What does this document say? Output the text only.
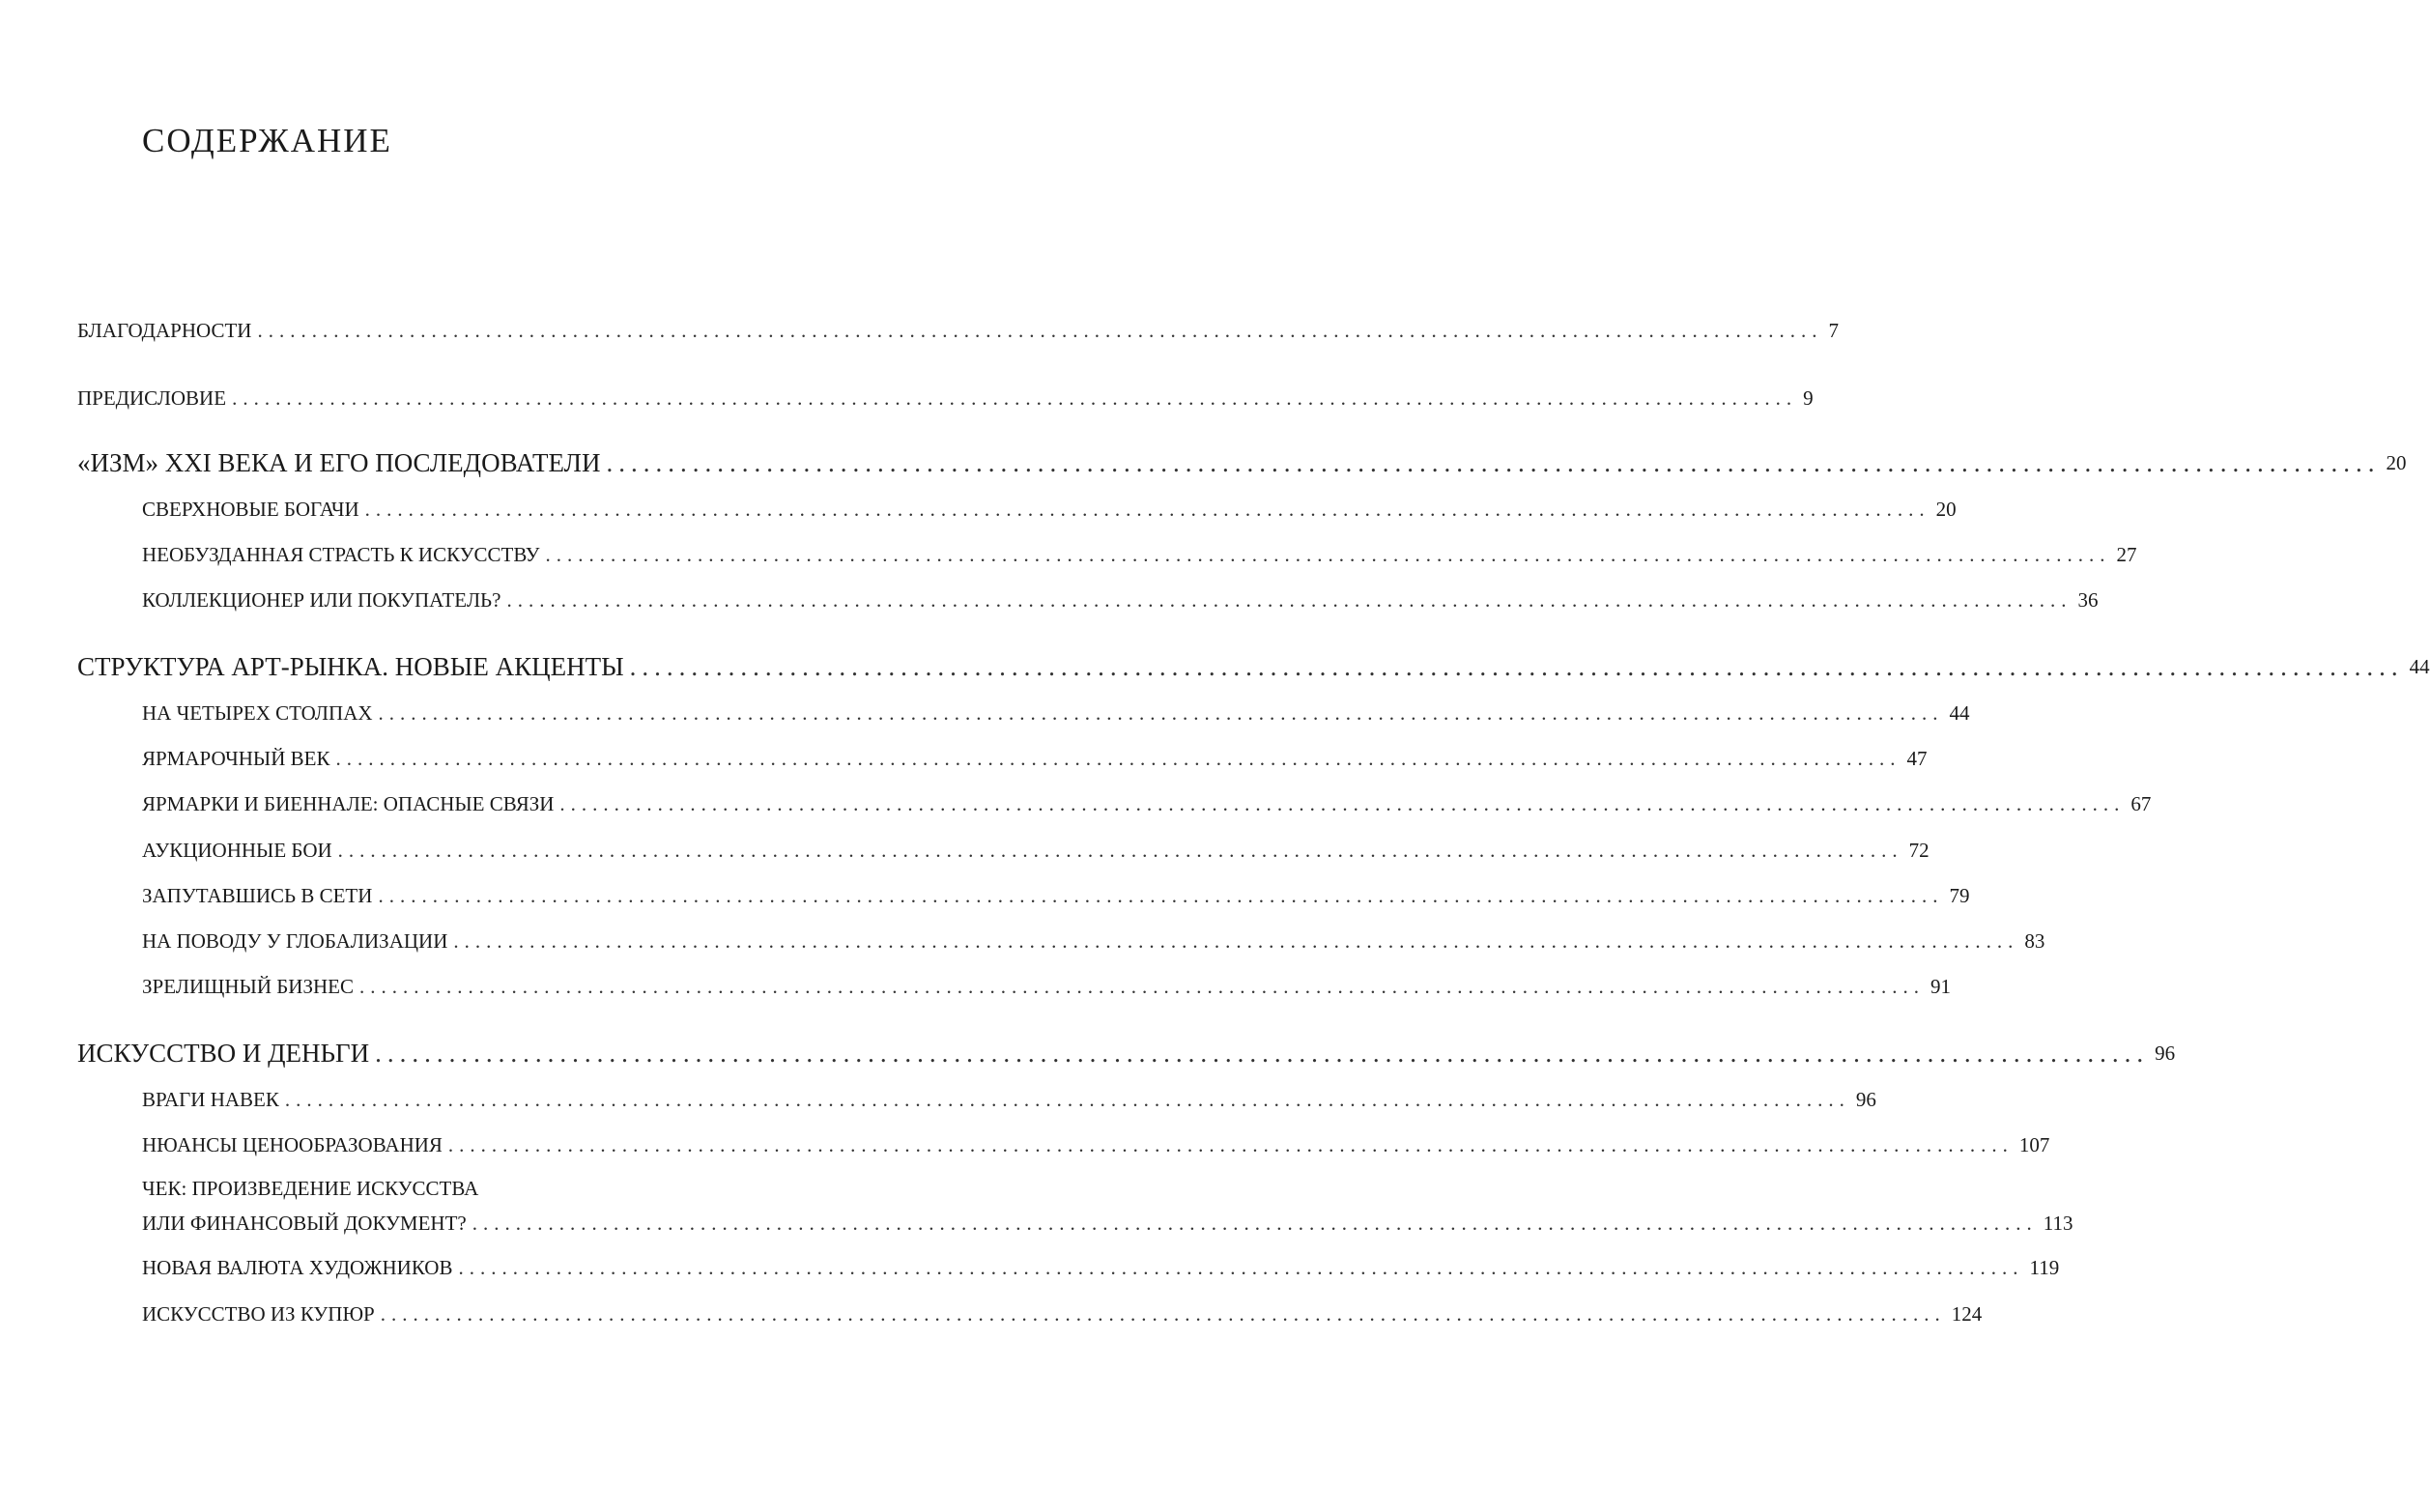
СОДЕРЖАНИЕ
БЛАГОДАРНОСТИ ................................................................................................................................................ 7
ПРЕДИСЛОВИЕ ................................................................................................................................................ 9
«ИЗМ» XXI ВЕКА И ЕГО ПОСЛЕДОВАТЕЛИ ................................................................................................................................................ 20
СВЕРХНОВЫЕ БОГАЧИ ................................................................................................................................................ 20
НЕОБУЗДАННАЯ СТРАСТЬ К ИСКУССТВУ ................................................................................................................................................ 27
КОЛЛЕКЦИОНЕР ИЛИ ПОКУПАТЕЛЬ? ................................................................................................................................................ 36
СТРУКТУРА АРТ-РЫНКА. НОВЫЕ АКЦЕНТЫ ................................................................................................................................................ 44
НА ЧЕТЫРЕХ СТОЛПАХ ................................................................................................................................................ 44
ЯРМАРОЧНЫЙ ВЕК ................................................................................................................................................ 47
ЯРМАРКИ И БИЕННАЛЕ: ОПАСНЫЕ СВЯЗИ ................................................................................................................................................ 67
АУКЦИОННЫЕ БОИ ................................................................................................................................................ 72
ЗАПУТАВШИСЬ В СЕТИ ................................................................................................................................................ 79
НА ПОВОДУ У ГЛОБАЛИЗАЦИИ ................................................................................................................................................ 83
ЗРЕЛИЩНЫЙ БИЗНЕС ................................................................................................................................................ 91
ИСКУССТВО И ДЕНЬГИ ................................................................................................................................................ 96
ВРАГИ НАВЕК ................................................................................................................................................ 96
НЮАНСЫ ЦЕНООБРАЗОВАНИЯ ................................................................................................................................................ 107
ЧЕК: ПРОИЗВЕДЕНИЕ ИСКУССТВА
ИЛИ ФИНАНСОВЫЙ ДОКУМЕНТ? ................................................................................................................................................ 113
НОВАЯ ВАЛЮТА ХУДОЖНИКОВ ................................................................................................................................................ 119
ИСКУССТВО ИЗ КУПЮР ................................................................................................................................................ 124
